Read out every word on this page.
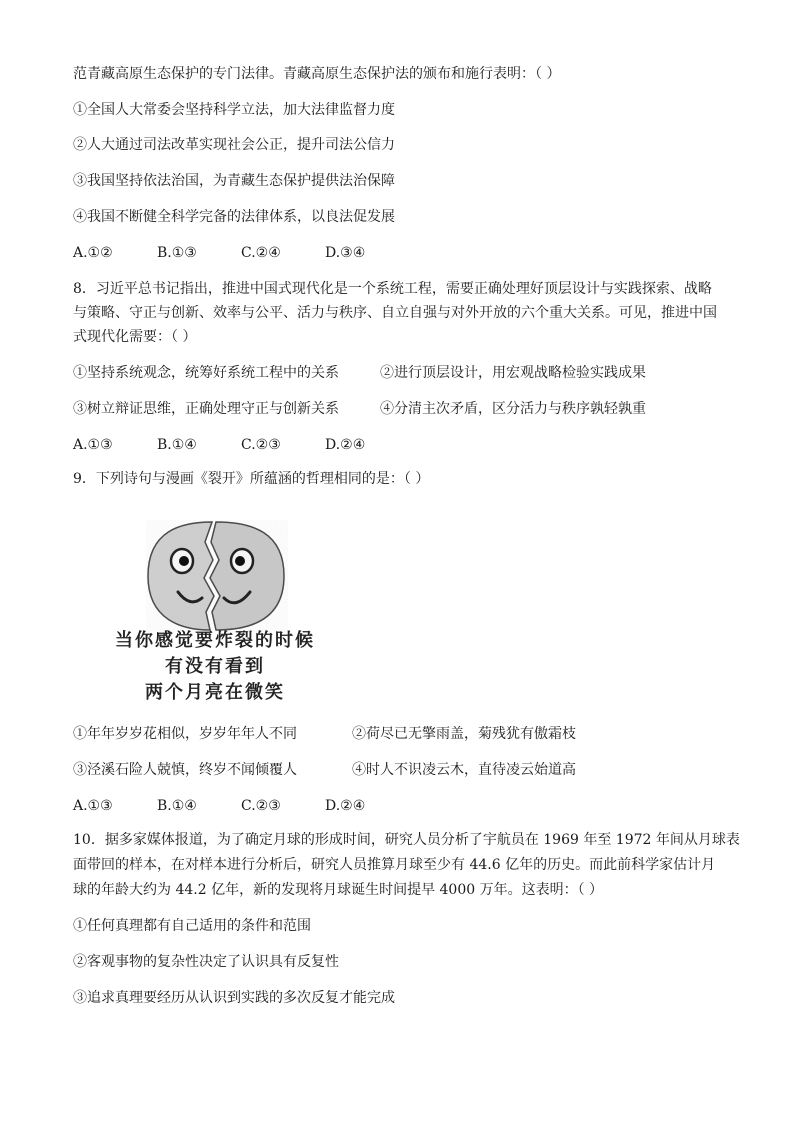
范青藏高原生态保护的专门法律。青藏高原生态保护法的颁布和施行表明：（ ）
①全国人大常委会坚持科学立法，加大法律监督力度
②人大通过司法改革实现社会公正，提升司法公信力
③我国坚持依法治国，为青藏生态保护提供法治保障
④我国不断健全科学完备的法律体系，以良法促发展
A.①②	B.①③	C.②④	D.③④
8．习近平总书记指出，推进中国式现代化是一个系统工程，需要正确处理好顶层设计与实践探索、战略
与策略、守正与创新、效率与公平、活力与秩序、自立自强与对外开放的六个重大关系。可见，推进中国
式现代化需要：（ ）
①坚持系统观念，统筹好系统工程中的关系	②进行顶层设计，用宏观战略检验实践成果
③树立辩证思维，正确处理守正与创新关系	④分清主次矛盾，区分活力与秩序孰轻孰重
A.①③	B.①④	C.②③	D.②④
9．下列诗句与漫画《裂开》所蕴涵的哲理相同的是：（ ）
当你感觉要炸裂的时候
有没有看到
两个月亮在微笑
①年年岁岁花相似，岁岁年年人不同	②荷尽已无擎雨盖，菊残犹有傲霜枝
③泾溪石险人兢慎，终岁不闻倾覆人	④时人不识凌云木，直待凌云始道高
A.①③	B.①④	C.②③	D.②④
10．据多家媒体报道，为了确定月球的形成时间，研究人员分析了宇航员在 1969 年至 1972 年间从月球表
面带回的样本，在对样本进行分析后，研究人员推算月球至少有 44.6 亿年的历史。而此前科学家估计月
球的年龄大约为 44.2 亿年，新的发现将月球诞生时间提早 4000 万年。这表明：（ ）
①任何真理都有自己适用的条件和范围
②客观事物的复杂性决定了认识具有反复性
③追求真理要经历从认识到实践的多次反复才能完成
